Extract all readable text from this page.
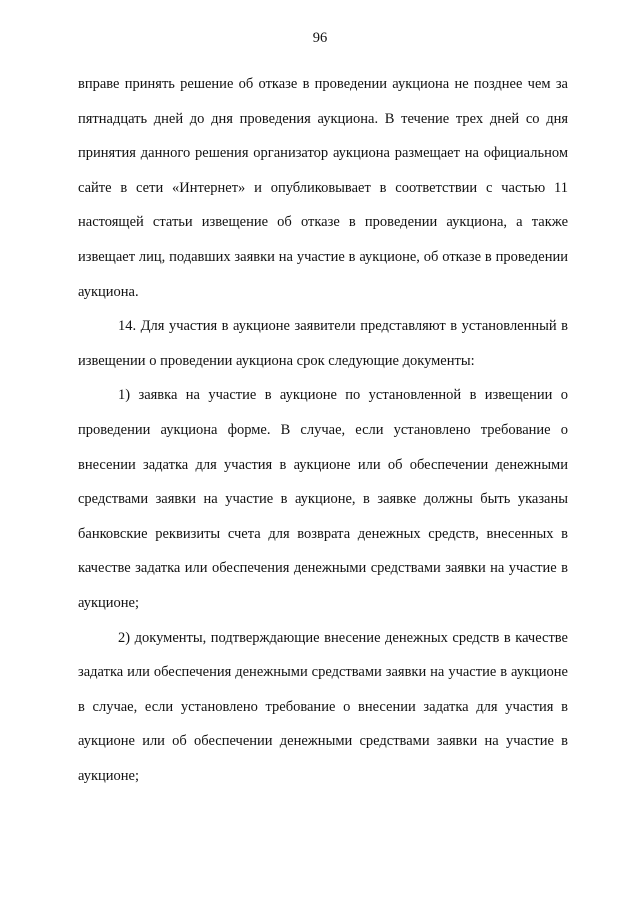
96

вправе принять решение об отказе в проведении аукциона не позднее чем за пятнадцать дней до дня проведения аукциона. В течение трех дней со дня принятия данного решения организатор аукциона размещает на официальном сайте в сети «Интернет» и опубликовывает в соответствии с частью 11 настоящей статьи извещение об отказе в проведении аукциона, а также извещает лиц, подавших заявки на участие в аукционе, об отказе в проведении аукциона.

14. Для участия в аукционе заявители представляют в установленный в извещении о проведении аукциона срок следующие документы:

1) заявка на участие в аукционе по установленной в извещении о проведении аукциона форме. В случае, если установлено требование о внесении задатка для участия в аукционе или об обеспечении денежными средствами заявки на участие в аукционе, в заявке должны быть указаны банковские реквизиты счета для возврата денежных средств, внесенных в качестве задатка или обеспечения денежными средствами заявки на участие в аукционе;

2) документы, подтверждающие внесение денежных средств в качестве задатка или обеспечения денежными средствами заявки на участие в аукционе в случае, если установлено требование о внесении задатка для участия в аукционе или об обеспечении денежными средствами заявки на участие в аукционе;
